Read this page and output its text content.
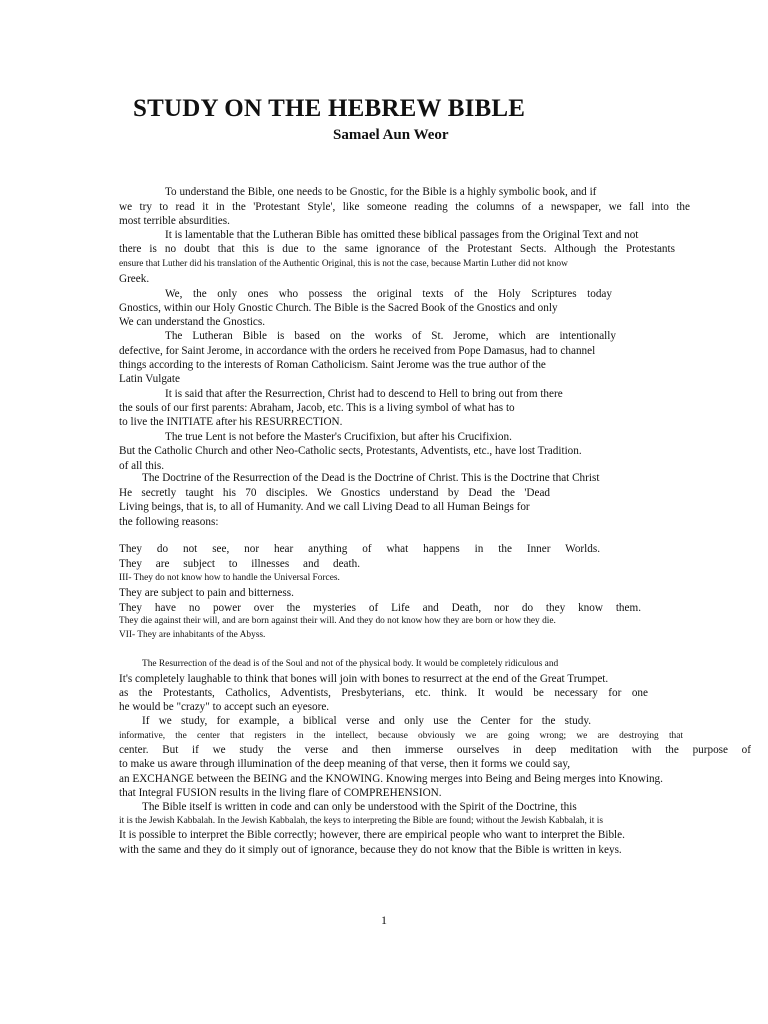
STUDY ON THE HEBREW BIBLE
Samael Aun Weor
To understand the Bible, one needs to be Gnostic, for the Bible is a highly symbolic book, and if
we try to read it in the 'Protestant Style', like someone reading the columns of a newspaper, we fall into the
most terrible absurdities.
It is lamentable that the Lutheran Bible has omitted these biblical passages from the Original Text and not
there is no doubt that this is due to the same ignorance of the Protestant Sects. Although the Protestants
ensure that Luther did his translation of the Authentic Original, this is not the case, because Martin Luther did not know
Greek.
We, the only ones who possess the original texts of the Holy Scriptures today
Gnostics, within our Holy Gnostic Church. The Bible is the Sacred Book of the Gnostics and only
We can understand the Gnostics.
The Lutheran Bible is based on the works of St. Jerome, which are intentionally
defective, for Saint Jerome, in accordance with the orders he received from Pope Damasus, had to channel
things according to the interests of Roman Catholicism. Saint Jerome was the true author of the
Latin Vulgate
It is said that after the Resurrection, Christ had to descend to Hell to bring out from there
the souls of our first parents: Abraham, Jacob, etc. This is a living symbol of what has to
to live the INITIATE after his RESURRECTION.
The true Lent is not before the Master's Crucifixion, but after his Crucifixion.
But the Catholic Church and other Neo-Catholic sects, Protestants, Adventists, etc., have lost Tradition.
of all this.
The Doctrine of the Resurrection of the Dead is the Doctrine of Christ. This is the Doctrine that Christ
He secretly taught his 70 disciples. We Gnostics understand by Dead the 'Dead
Living beings, that is, to all of Humanity. And we call Living Dead to all Human Beings for
the following reasons:
They do not see, nor hear anything of what happens in the Inner Worlds.
They are subject to illnesses and death.
III- They do not know how to handle the Universal Forces.
They are subject to pain and bitterness.
They have no power over the mysteries of Life and Death, nor do they know them.
They die against their will, and are born against their will. And they do not know how they are born or how they die.
VII- They are inhabitants of the Abyss.
The Resurrection of the dead is of the Soul and not of the physical body. It would be completely ridiculous and
It's completely laughable to think that bones will join with bones to resurrect at the end of the Great Trumpet.
as the Protestants, Catholics, Adventists, Presbyterians, etc. think. It would be necessary for one
he would be "crazy" to accept such an eyesore.
If we study, for example, a biblical verse and only use the Center for the study.
informative, the center that registers in the intellect, because obviously we are going wrong; we are destroying that
center. But if we study the verse and then immerse ourselves in deep meditation with the purpose of
to make us aware through illumination of the deep meaning of that verse, then it forms we could say,
an EXCHANGE between the BEING and the KNOWING. Knowing merges into Being and Being merges into Knowing.
that Integral FUSION results in the living flare of COMPREHENSION.
The Bible itself is written in code and can only be understood with the Spirit of the Doctrine, this
it is the Jewish Kabbalah. In the Jewish Kabbalah, the keys to interpreting the Bible are found; without the Jewish Kabbalah, it is
It is possible to interpret the Bible correctly; however, there are empirical people who want to interpret the Bible.
with the same and they do it simply out of ignorance, because they do not know that the Bible is written in keys.
1
